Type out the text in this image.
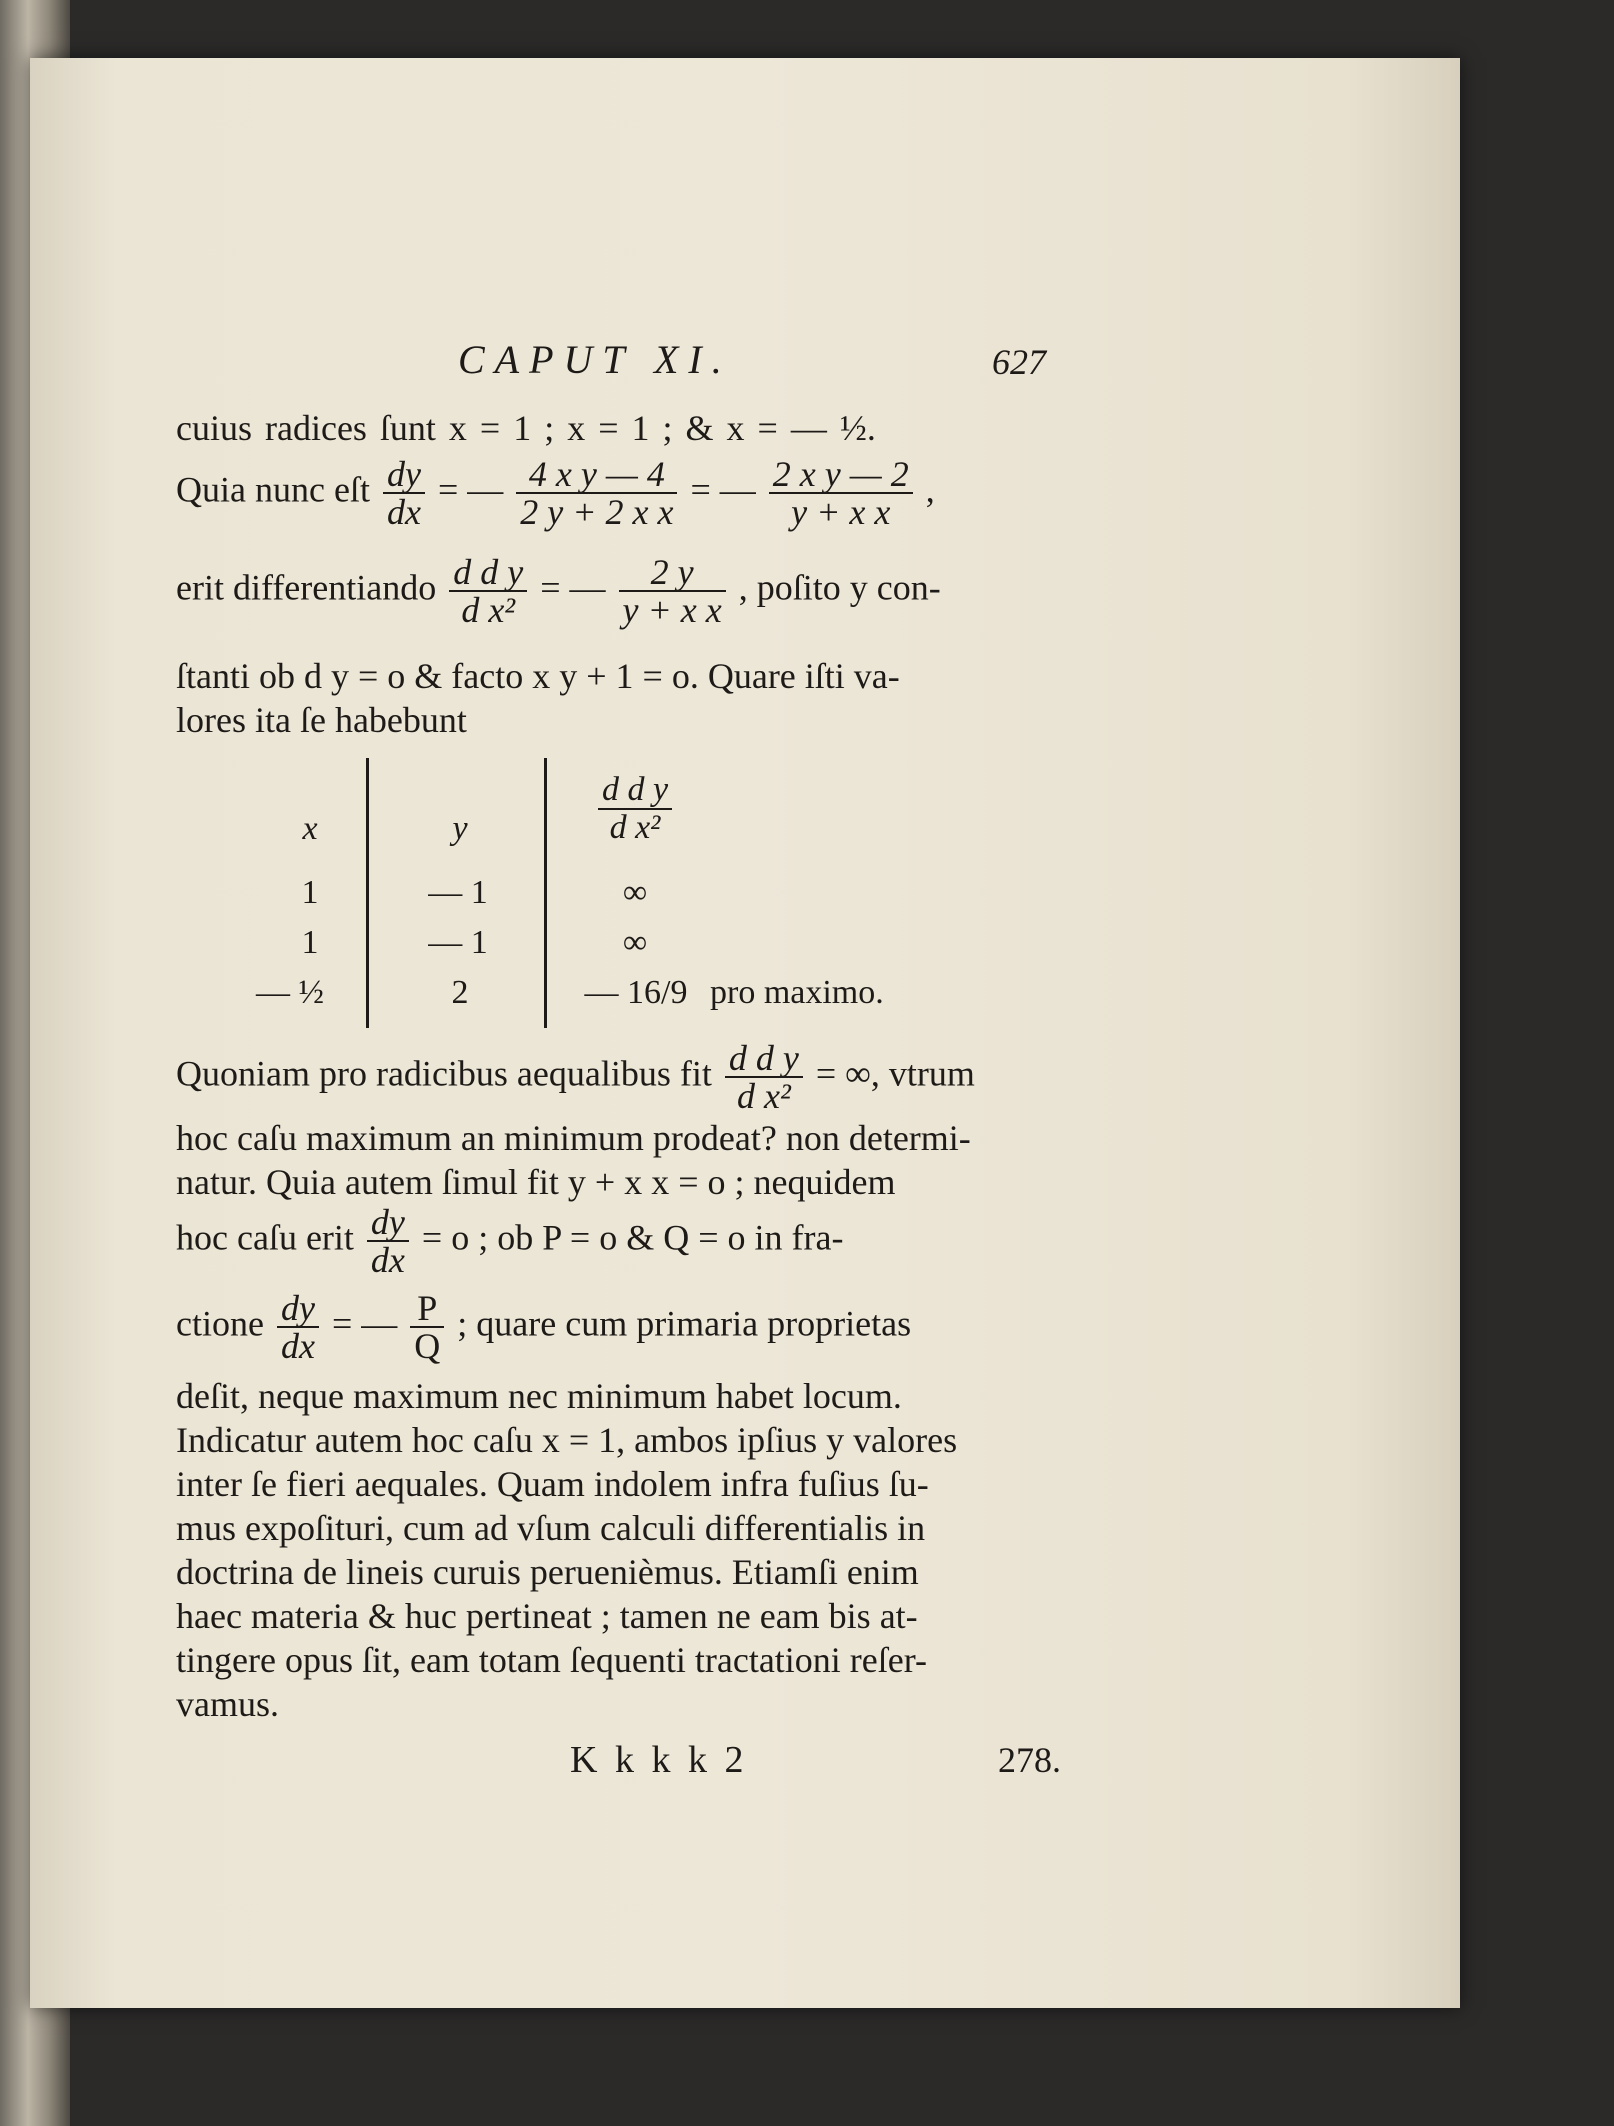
CAPUT XI.	627
cuius radices ſunt x = 1 ; x = 1 ; & x = — ½.
Quia nunc eſt $\frac{dy}{dx}$ = — $\frac{\text{4 x y — 4}}{\text{2 y + 2 x x}}$ = — $\frac{\text{2 x y — 2}}{\text{y + x x}}$ ,
erit differentiando $\frac{\text{d d y}}{\text{d x²}}$ = — $\frac{2 y}{\text{y + x x}}$ , poſito y con-
ſtanti ob d y = o & facto x y + 1 = o. Quare iſti va-
lores ita ſe habebunt
x	y	$\frac{\text{d d y}}{\text{d x²}}$
1	— 1	∞
1	— 1	∞
— ½	2	— 16/9 pro maximo.
Quoniam pro radicibus aequalibus fit $\frac{\text{d d y}}{\text{d x²}}$ = ∞, vtrum
hoc caſu maximum an minimum prodeat? non determi-
natur. Quia autem ſimul fit y + x x = o ; nequidem
hoc caſu erit $\frac{dy}{dx} = o$ ; ob P = o & Q = o in fra-
ctione $\frac{dy}{dx}$ = — $\frac{P}{Q}$ ; quare cum primaria proprietas
deſit, neque maximum nec minimum habet locum.
Indicatur autem hoc caſu x = 1, ambos ipſius y valores
inter ſe fieri aequales. Quam indolem infra fuſius ſu-
mus expoſituri, cum ad vſum calculi differentialis in
doctrina de lineis curuis peruenièmus. Etiamſi enim
haec materia & huc pertineat ; tamen ne eam bis at-
tingere opus ſit, eam totam ſequenti tractationi reſer-
vamus.
K k k k 2	278.
